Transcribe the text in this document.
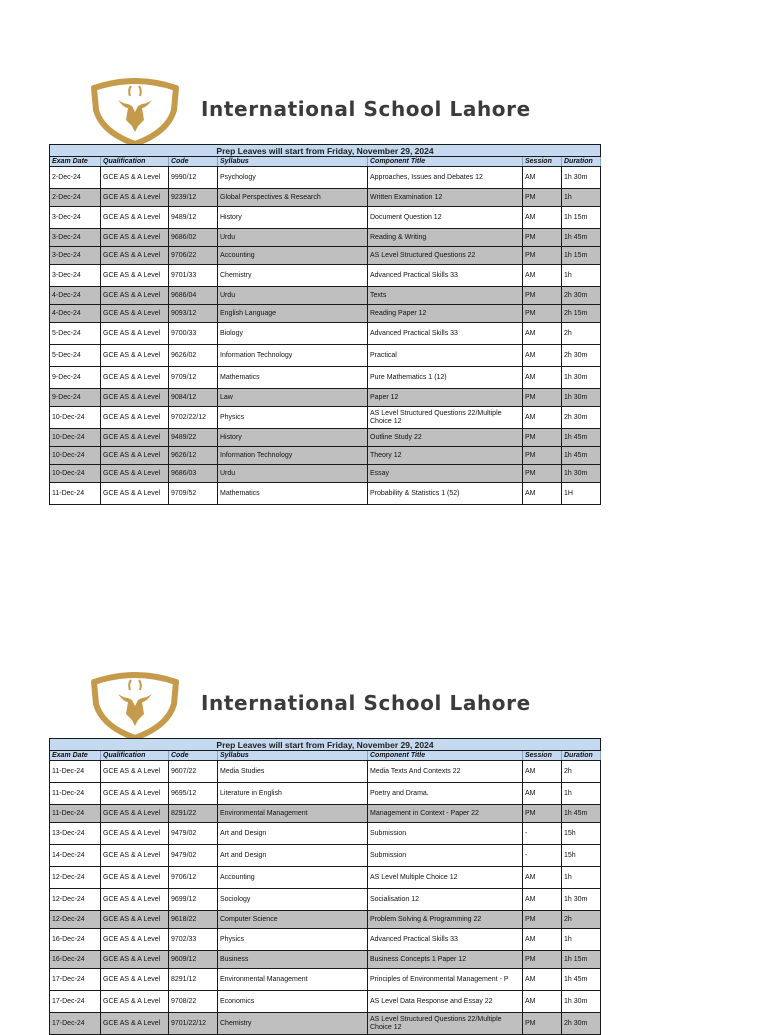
International School Lahore
Prep Leaves will start from Friday, November 29, 2024						
Exam Date	Qualification	Code	Syllabus	Component Title	Session	Duration
2-Dec-24	GCE AS & A Level	9990/12	Psychology	Approaches, Issues and Debates 12	AM	1h 30m
2-Dec-24	GCE AS & A Level	9239/12	Global Perspectives & Research	Written Examination 12	PM	1h
3-Dec-24	GCE AS & A Level	9489/12	History	Document Question 12	AM	1h 15m
3-Dec-24	GCE AS & A Level	9686/02	Urdu	Reading & Writing	PM	1h 45m
3-Dec-24	GCE AS & A Level	9706/22	Accounting	AS Level Structured Questions 22	PM	1h 15m
3-Dec-24	GCE AS & A Level	9701/33	Chemistry	Advanced Practical Skills 33	AM	1h
4-Dec-24	GCE AS & A Level	9686/04	Urdu	Texts	PM	2h 30m
4-Dec-24	GCE AS & A Level	9093/12	English Language	Reading Paper 12	PM	2h 15m
5-Dec-24	GCE AS & A Level	9700/33	Biology	Advanced Practical Skills 33	AM	2h
5-Dec-24	GCE AS & A Level	9626/02	Information Technology	Practical	AM	2h 30m
9-Dec-24	GCE AS & A Level	9709/12	Mathematics	Pure Mathematics 1 (12)	AM	1h 30m
9-Dec-24	GCE AS & A Level	9084/12	Law	Paper 12	PM	1h 30m
10-Dec-24	GCE AS & A Level	9702/22/12	Physics	AS Level Structured Questions 22/Multiple Choice 12	AM	2h 30m
10-Dec-24	GCE AS & A Level	9489/22	History	Outline Study 22	PM	1h 45m
10-Dec-24	GCE AS & A Level	9626/12	Information Technology	Theory 12	PM	1h 45m
10-Dec-24	GCE AS & A Level	9686/03	Urdu	Essay	PM	1h 30m
11-Dec-24	GCE AS & A Level	9709/52	Mathematics	Probability & Statistics 1 (52)	AM	1H
International School Lahore
Prep Leaves will start from Friday, November 29, 2024						
Exam Date	Qualification	Code	Syllabus	Component Title	Session	Duration
11-Dec-24	GCE AS & A Level	9607/22	Media Studies	Media Texts And Contexts 22	AM	2h
11-Dec-24	GCE AS & A Level	9695/12	Literature in English	Poetry and Drama.	AM	1h
11-Dec-24	GCE AS & A Level	8291/22	Environmental Management	Management in Context - Paper 22	PM	1h 45m
13-Dec-24	GCE AS & A Level	9479/02	Art and Design	Submission	-	15h
14-Dec-24	GCE AS & A Level	9479/02	Art and Design	Submission	-	15h
12-Dec-24	GCE AS & A Level	9706/12	Accounting	AS Level Multiple Choice 12	AM	1h
12-Dec-24	GCE AS & A Level	9699/12	Sociology	Socialisation 12	AM	1h 30m
12-Dec-24	GCE AS & A Level	9618/22	Computer Science	Problem Solving & Programming 22	PM	2h
16-Dec-24	GCE AS & A Level	9702/33	Physics	Advanced Practical Skills 33	AM	1h
16-Dec-24	GCE AS & A Level	9609/12	Business	Business Concepts 1 Paper 12	PM	1h 15m
17-Dec-24	GCE AS & A Level	8291/12	Environmental Management	Principles of Environmental Management - P	AM	1h 45m
17-Dec-24	GCE AS & A Level	9708/22	Economics	AS Level Data Response and Essay 22	AM	1h 30m
17-Dec-24	GCE AS & A Level	9701/22/12	Chemistry	AS Level Structured Questions 22/Multiple Choice 12	PM	2h 30m
